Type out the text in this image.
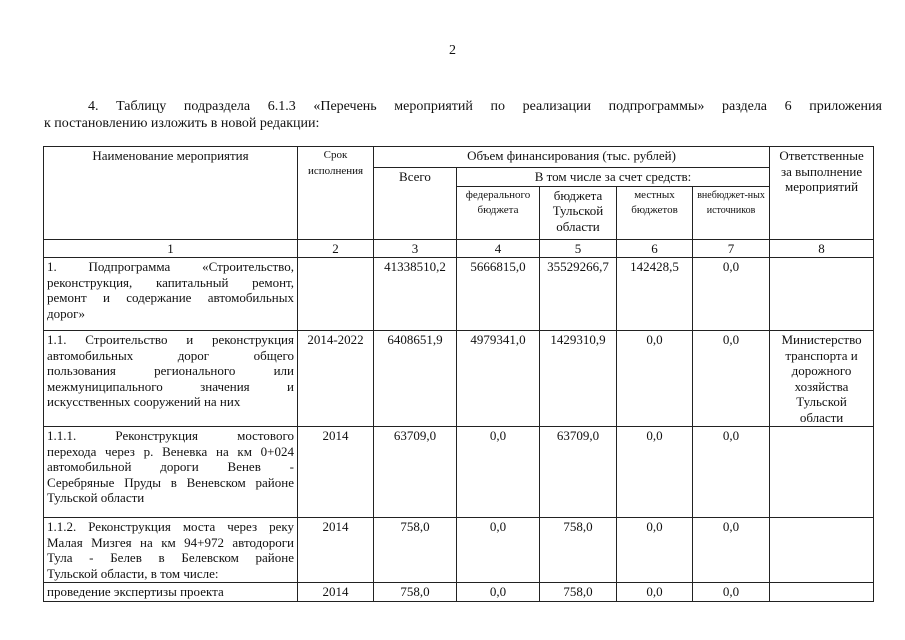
2
4. Таблицу подраздела 6.1.3 «Перечень мероприятий по реализации подпрограммы» раздела 6 приложения
к постановлению изложить в новой редакции:
Наименование мероприятия	Срок исполнения	Объем финансирования (тыс. рублей)					Ответственные за выполнение мероприятий
		Всего	В том числе за счет средств:				
			федерального бюджета	бюджета Тульской области	местных бюджетов	внебюджет-ных источников	
1	2	3	4	5	6	7	8

1. Подпрограмма «Строительство,
реконструкция, капитальный ремонт,
ремонт и содержание автомобильных
дорог»		41338510,2	5666815,0	35529266,7	142428,5	0,0	

1.1. Строительство и реконструкция
автомобильных дорог общего
пользования регионального или
межмуниципального значения и
искусственных сооружений на них	2014-2022	6408651,9	4979341,0	1429310,9	0,0	0,0	Министерство транспорта и дорожного хозяйства Тульской области

1.1.1. Реконструкция мостового
перехода через р. Веневка на км 0+024
автомобильной дороги Венев -
Серебряные Пруды в Веневском районе
Тульской области	2014	63709,0	0,0	63709,0	0,0	0,0	

1.1.2. Реконструкция моста через реку
Малая Мизгея на км 94+972 автодороги
Тула - Белев в Белевском районе
Тульской области, в том числе:	2014	758,0	0,0	758,0	0,0	0,0	
проведение экспертизы проекта	2014	758,0	0,0	758,0	0,0	0,0	
